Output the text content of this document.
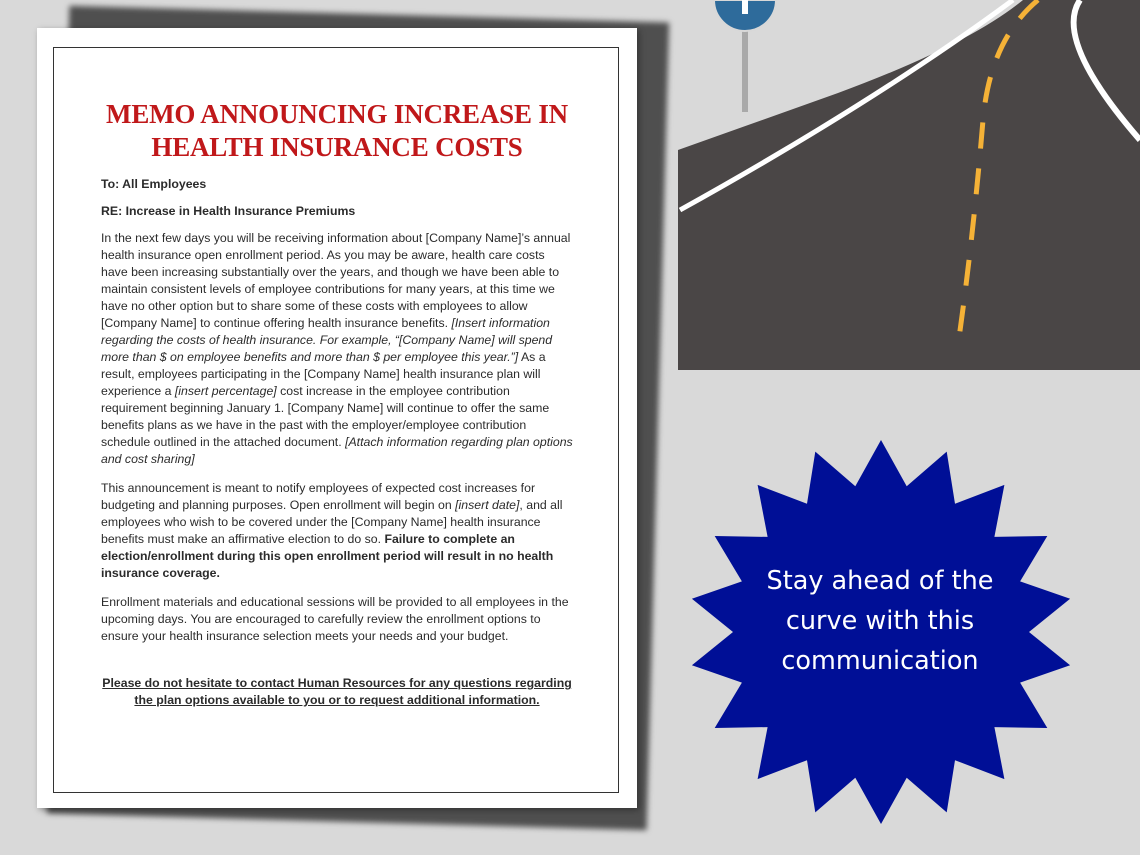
MEMO ANNOUNCING INCREASE IN HEALTH INSURANCE COSTS
To: All Employees
RE: Increase in Health Insurance Premiums

In the next few days you will be receiving information about [Company Name]’s annual health insurance open enrollment period. As you may be aware, health care costs have been increasing substantially over the years, and though we have been able to maintain consistent levels of employee contributions for many years, at this time we have no other option but to share some of these costs with employees to allow [Company Name] to continue offering health insurance benefits. [Insert information regarding the costs of health insurance. For example, “[Company Name] will spend more than $ on employee benefits and more than $ per employee this year.”] As a result, employees participating in the [Company Name] health insurance plan will experience a [insert percentage] cost increase in the employee contribution requirement beginning January 1. [Company Name] will continue to offer the same benefits plans as we have in the past with the employer/employee contribution schedule outlined in the attached document. [Attach information regarding plan options and cost sharing]

This announcement is meant to notify employees of expected cost increases for budgeting and planning purposes. Open enrollment will begin on [insert date], and all employees who wish to be covered under the [Company Name] health insurance benefits must make an affirmative election to do so. Failure to complete an election/enrollment during this open enrollment period will result in no health insurance coverage.

Enrollment materials and educational sessions will be provided to all employees in the upcoming days. You are encouraged to carefully review the enrollment options to ensure your health insurance selection meets your needs and your budget.

Please do not hesitate to contact Human Resources for any questions regarding the plan options available to you or to request additional information.
Stay ahead of the curve with this communication
